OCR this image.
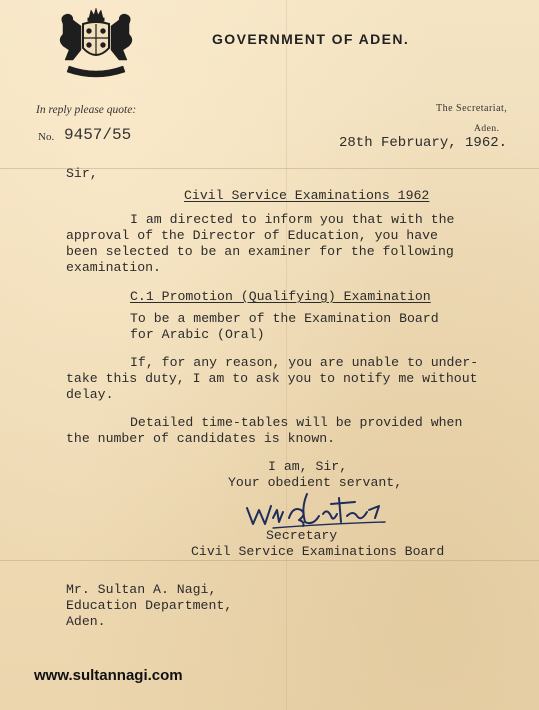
GOVERNMENT OF ADEN.
In reply please quote:
No. 9457/55
The Secretariat,
Aden.
28th February, 1962.
Sir,
Civil Service Examinations 1962
I am directed to inform you that with the
approval of the Director of Education, you have
been selected to be an examiner for the following
examination.
C.1 Promotion (Qualifying) Examination
To be a member of the Examination Board
for Arabic (Oral)
If, for any reason, you are unable to under-
take this duty, I am to ask you to notify me without
delay.
Detailed time-tables will be provided when
the number of candidates is known.
I am, Sir,
Your obedient servant,
Secretary
Civil Service Examinations Board
Mr. Sultan A. Nagi,
Education Department,
Aden.
www.sultannagi.com
